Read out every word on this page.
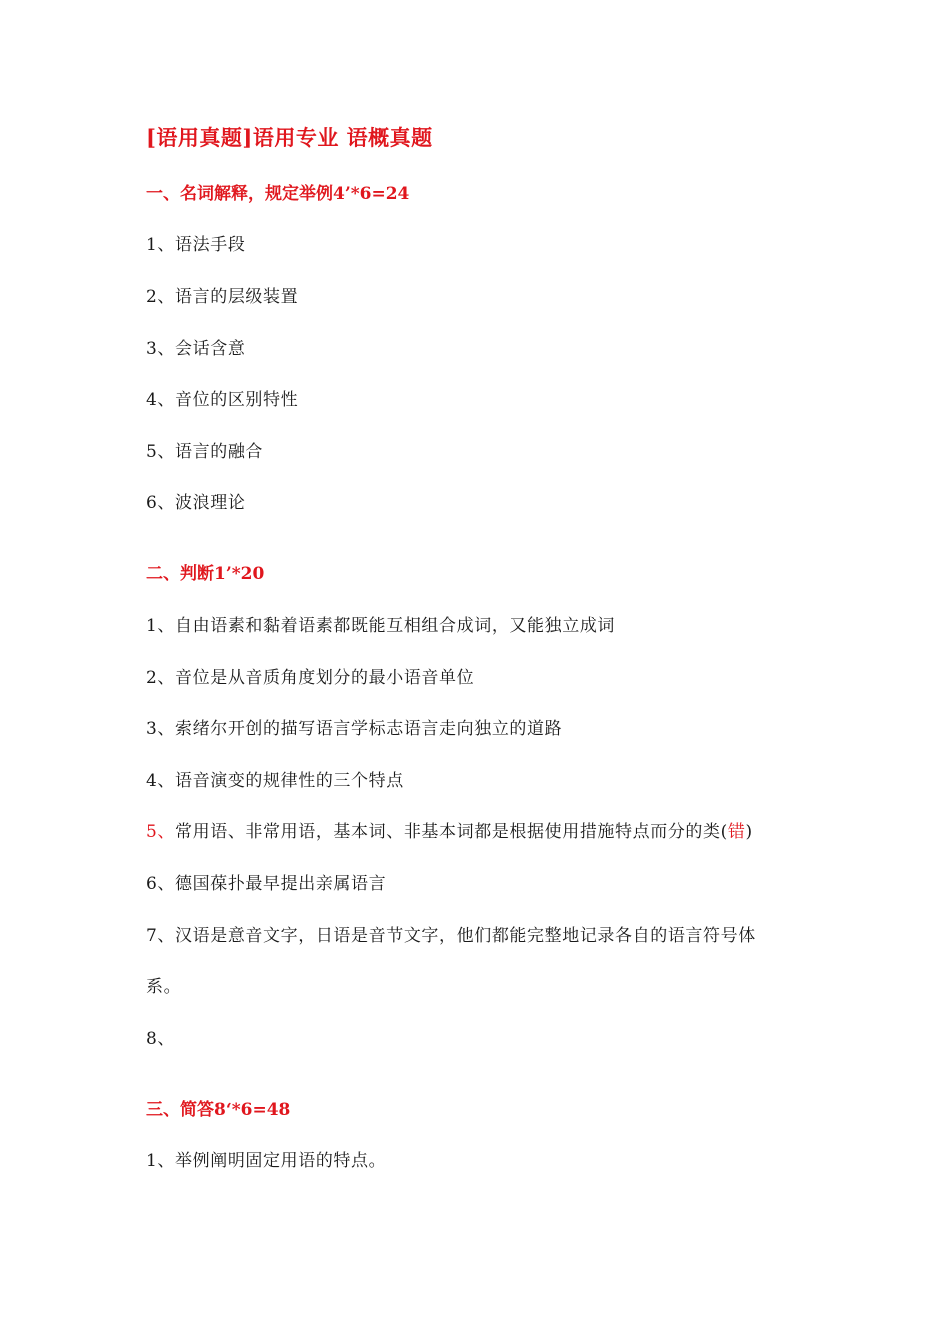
[语用真题]语用专业 语概真题
一、名词解释，规定举例4’*6=24
1、语法手段
2、语言的层级装置
3、会话含意
4、音位的区别特性
5、语言的融合
6、波浪理论
二、判断1’*20
1、自由语素和黏着语素都既能互相组合成词，又能独立成词
2、音位是从音质角度划分的最小语音单位
3、索绪尔开创的描写语言学标志语言走向独立的道路
4、语音演变的规律性的三个特点
5、常用语、非常用语，基本词、非基本词都是根据使用措施特点而分的类(错)
6、德国葆扑最早提出亲属语言
7、汉语是意音文字，日语是音节文字，他们都能完整地记录各自的语言符号体
系。
8、
三、简答8‘*6=48
1、举例阐明固定用语的特点。
